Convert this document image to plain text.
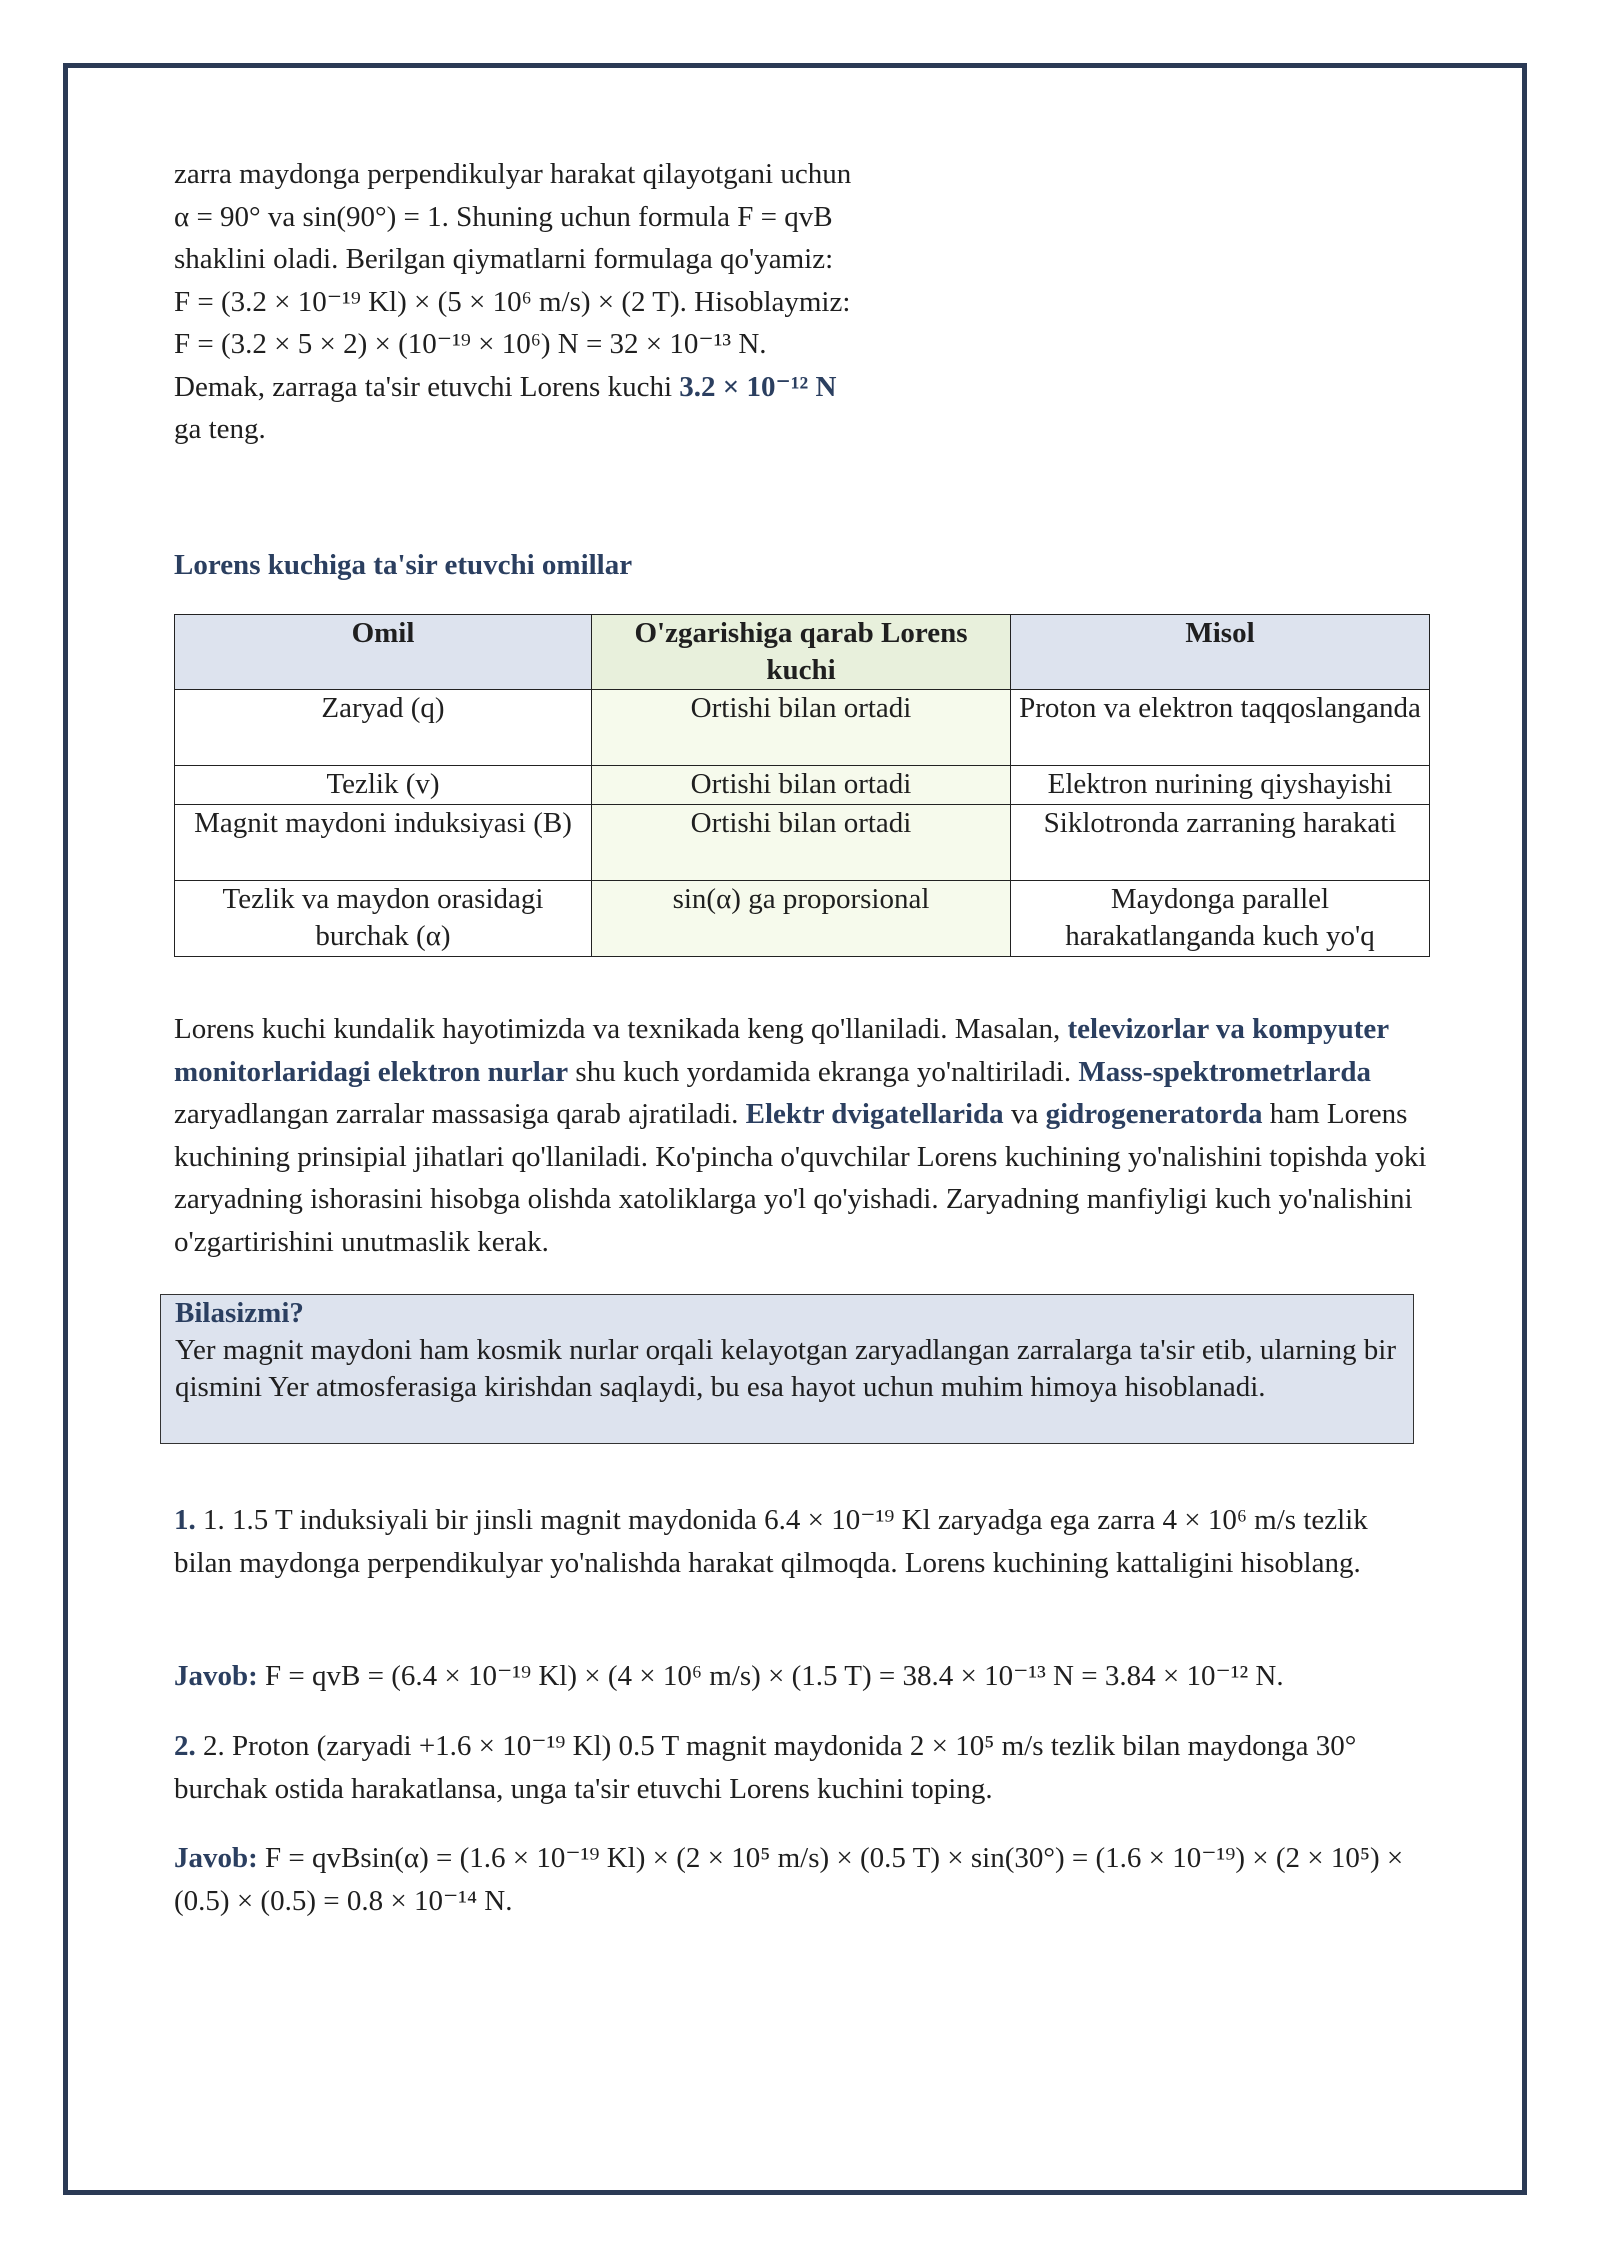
zarra maydonga perpendikulyar harakat qilayotgani uchun

α = 90° va sin(90°) = 1. Shuning uchun formula F = qvB

shaklini oladi. Berilgan qiymatlarni formulaga qo'yamiz:

F = (3.2 × 10⁻¹⁹ Kl) × (5 × 10⁶ m/s) × (2 T). Hisoblaymiz:

F = (3.2 × 5 × 2) × (10⁻¹⁹ × 10⁶) N = 32 × 10⁻¹³ N.

Demak, zarraga ta'sir etuvchi Lorens kuchi 3.2 × 10⁻¹² N

ga teng.

Lorens kuchiga ta'sir etuvchi omillar
Omil	O'zgarishiga qarab Lorens kuchi	Misol
Zaryad (q)	Ortishi bilan ortadi	Proton va elektron taqqoslanganda
Tezlik (v)	Ortishi bilan ortadi	Elektron nurining qiyshayishi
Magnit maydoni induksiyasi (B)	Ortishi bilan ortadi	Siklotronda zarraning harakati
Tezlik va maydon orasidagi burchak (α)	sin(α) ga proporsional	Maydonga parallel harakatlanganda kuch yo'q

Lorens kuchi kundalik hayotimizda va texnikada keng qo'llaniladi. Masalan, televizorlar va kompyuter monitorlaridagi elektron nurlar shu kuch yordamida ekranga yo'naltiriladi. Mass-spektrometrlarda zaryadlangan zarralar massasiga qarab ajratiladi. Elektr dvigatellarida va gidrogeneratorda ham Lorens kuchining prinsipial jihatlari qo'llaniladi. Ko'pincha o'quvchilar Lorens kuchining yo'nalishini topishda yoki zaryadning ishorasini hisobga olishda xatoliklarga yo'l qo'yishadi. Zaryadning manfiyligi kuch yo'nalishini o'zgartirishini unutmaslik kerak.

Bilasizmi?

Yer magnit maydoni ham kosmik nurlar orqali kelayotgan zaryadlangan zarralarga ta'sir etib, ularning bir qismini Yer atmosferasiga kirishdan saqlaydi, bu esa hayot uchun muhim himoya hisoblanadi.

1. 1. 1.5 T induksiyali bir jinsli magnit maydonida 6.4 × 10⁻¹⁹ Kl zaryadga ega zarra 4 × 10⁶ m/s tezlik bilan maydonga perpendikulyar yo'nalishda harakat qilmoqda. Lorens kuchining kattaligini hisoblang.

Javob: F = qvB = (6.4 × 10⁻¹⁹ Kl) × (4 × 10⁶ m/s) × (1.5 T) = 38.4 × 10⁻¹³ N = 3.84 × 10⁻¹² N.

2. 2. Proton (zaryadi +1.6 × 10⁻¹⁹ Kl) 0.5 T magnit maydonida 2 × 10⁵ m/s tezlik bilan maydonga 30° burchak ostida harakatlansa, unga ta'sir etuvchi Lorens kuchini toping.

Javob: F = qvBsin(α) = (1.6 × 10⁻¹⁹ Kl) × (2 × 10⁵ m/s) × (0.5 T) × sin(30°) = (1.6 × 10⁻¹⁹) × (2 × 10⁵) × (0.5) × (0.5) = 0.8 × 10⁻¹⁴ N.
